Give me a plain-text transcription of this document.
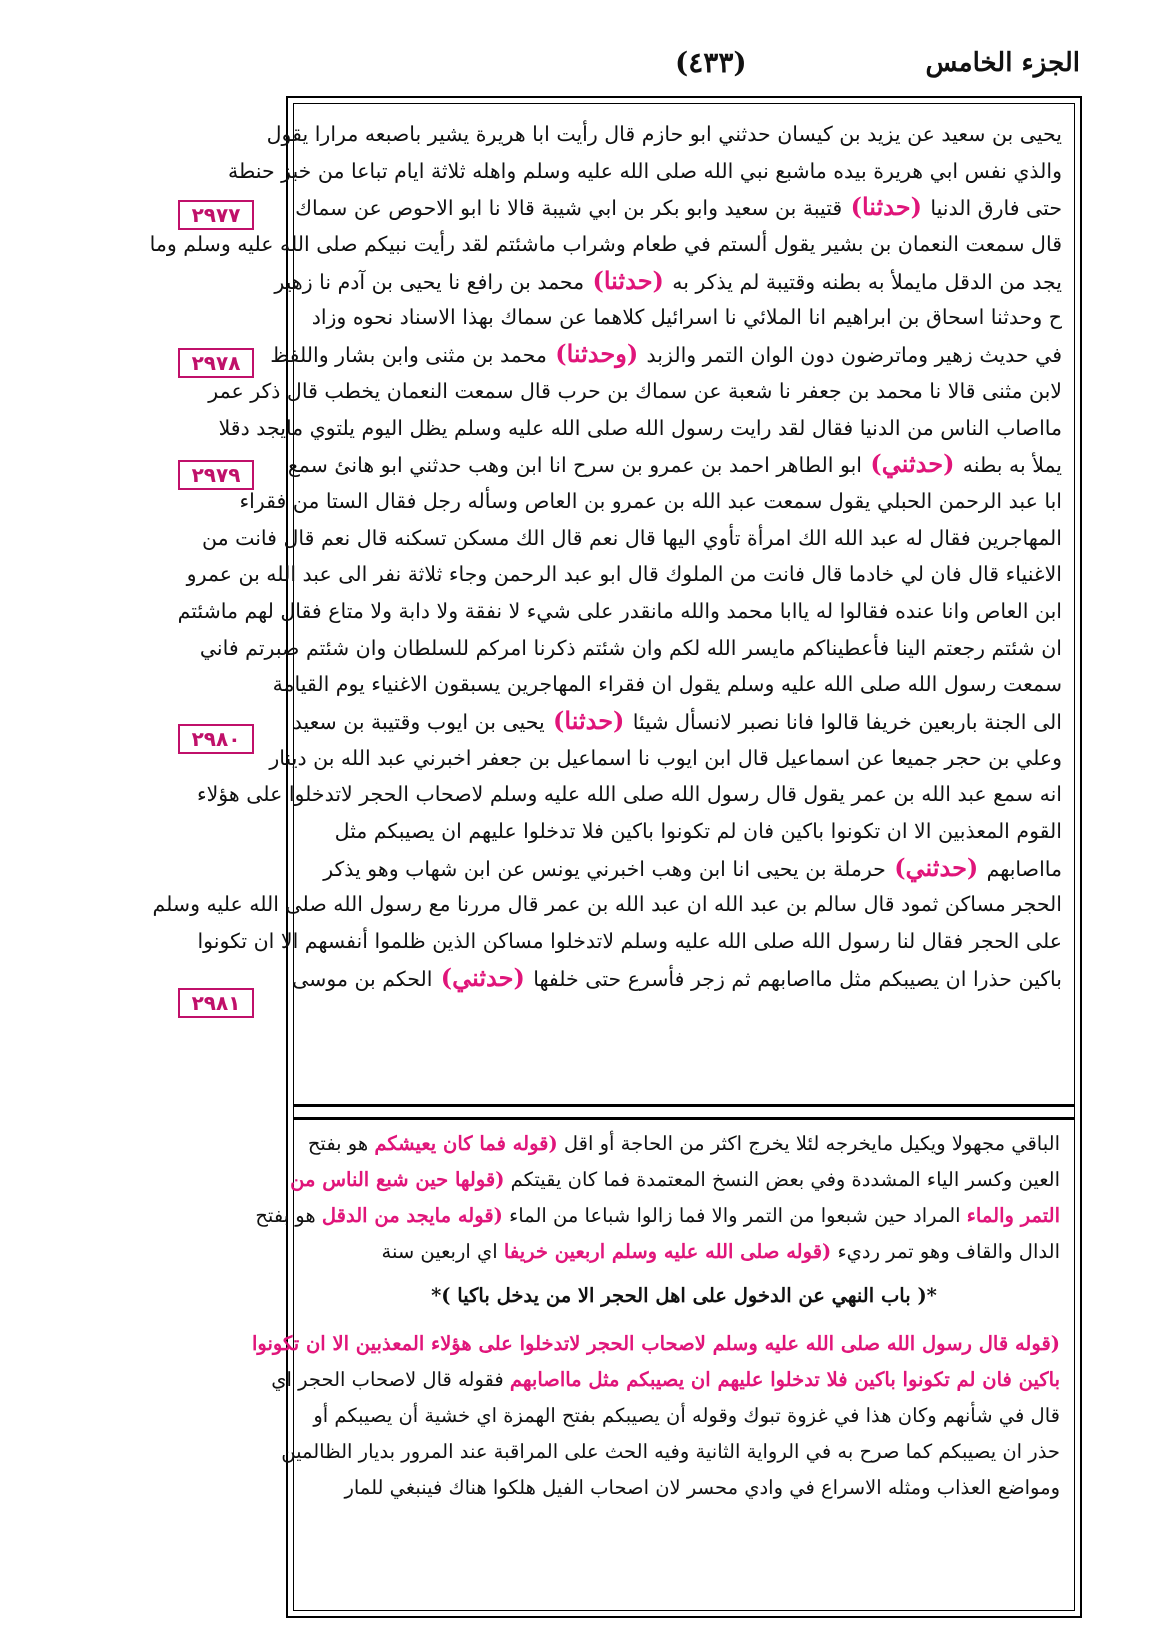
الجزء الخامس
(٤٣٣)
٢٩٧٧
٢٩٧٨
٢٩٧٩
٢٩٨٠
٢٩٨١
يحيى بن سعيد عن يزيد بن كيسان حدثني ابو حازم قال رأيت ابا هريرة يشير باصبعه مرارا يقول
والذي نفس ابي هريرة بيده ماشبع نبي الله صلى الله عليه وسلم واهله ثلاثة ايام تباعا من خبز حنطة
حتى فارق الدنيا (حدثنا) قتيبة بن سعيد وابو بكر بن ابي شيبة قالا نا ابو الاحوص عن سماك
قال سمعت النعمان بن بشير يقول ألستم في طعام وشراب ماشئتم لقد رأيت نبيكم صلى الله عليه وسلم وما
يجد من الدقل مايملأ به بطنه وقتيبة لم يذكر به (حدثنا) محمد بن رافع نا يحيى بن آدم نا زهير
ح وحدثنا اسحاق بن ابراهيم انا الملائي نا اسرائيل كلاهما عن سماك بهذا الاسناد نحوه وزاد
في حديث زهير وماترضون دون الوان التمر والزبد (وحدثنا) محمد بن مثنى وابن بشار واللفظ
لابن مثنى قالا نا محمد بن جعفر نا شعبة عن سماك بن حرب قال سمعت النعمان يخطب قال ذكر عمر
مااصاب الناس من الدنيا فقال لقد رايت رسول الله صلى الله عليه وسلم يظل اليوم يلتوي مايجد دقلا
يملأ به بطنه (حدثني) ابو الطاهر احمد بن عمرو بن سرح انا ابن وهب حدثني ابو هانئ سمع
ابا عبد الرحمن الحبلي يقول سمعت عبد الله بن عمرو بن العاص وسأله رجل فقال الستا من فقراء
المهاجرين فقال له عبد الله الك امرأة تأوي اليها قال نعم قال الك مسكن تسكنه قال نعم قال فانت من
الاغنياء قال فان لي خادما قال فانت من الملوك قال ابو عبد الرحمن وجاء ثلاثة نفر الى عبد الله بن عمرو
ابن العاص وانا عنده فقالوا له ياابا محمد والله مانقدر على شيء لا نفقة ولا دابة ولا متاع فقال لهم ماشئتم
ان شئتم رجعتم الينا فأعطيناكم مايسر الله لكم وان شئتم ذكرنا امركم للسلطان وان شئتم صبرتم فاني
سمعت رسول الله صلى الله عليه وسلم يقول ان فقراء المهاجرين يسبقون الاغنياء يوم القيامة
الى الجنة باربعين خريفا قالوا فانا نصبر لانسأل شيئا (حدثنا) يحيى بن ايوب وقتيبة بن سعيد
وعلي بن حجر جميعا عن اسماعيل قال ابن ايوب نا اسماعيل بن جعفر اخبرني عبد الله بن دينار
انه سمع عبد الله بن عمر يقول قال رسول الله صلى الله عليه وسلم لاصحاب الحجر لاتدخلوا على هؤلاء
القوم المعذبين الا ان تكونوا باكين فان لم تكونوا باكين فلا تدخلوا عليهم ان يصيبكم مثل
مااصابهم (حدثني) حرملة بن يحيى انا ابن وهب اخبرني يونس عن ابن شهاب وهو يذكر
الحجر مساكن ثمود قال سالم بن عبد الله ان عبد الله بن عمر قال مررنا مع رسول الله صلى الله عليه وسلم
على الحجر فقال لنا رسول الله صلى الله عليه وسلم لاتدخلوا مساكن الذين ظلموا أنفسهم الا ان تكونوا
باكين حذرا ان يصيبكم مثل مااصابهم ثم زجر فأسرع حتى خلفها (حدثني) الحكم بن موسى
الباقي مجهولا ويكيل مايخرجه لئلا يخرج اكثر من الحاجة أو اقل (قوله فما كان يعيشكم هو بفتح
العين وكسر الياء المشددة وفي بعض النسخ المعتمدة فما كان يقيتكم (قولها حين شبع الناس من
التمر والماء المراد حين شبعوا من التمر والا فما زالوا شباعا من الماء (قوله مايجد من الدقل هو بفتح
الدال والقاف وهو تمر رديء (قوله صلى الله عليه وسلم اربعين خريفا اي اربعين سنة
*( باب النهي عن الدخول على اهل الحجر الا من يدخل باكيا )*
(قوله قال رسول الله صلى الله عليه وسلم لاصحاب الحجر لاتدخلوا على هؤلاء المعذبين الا ان تكونوا
باكين فان لم تكونوا باكين فلا تدخلوا عليهم ان يصيبكم مثل مااصابهم فقوله قال لاصحاب الحجر اي
قال في شأنهم وكان هذا في غزوة تبوك وقوله أن يصيبكم بفتح الهمزة اي خشية أن يصيبكم أو
حذر ان يصيبكم كما صرح به في الرواية الثانية وفيه الحث على المراقبة عند المرور بديار الظالمين
ومواضع العذاب ومثله الاسراع في وادي محسر لان اصحاب الفيل هلكوا هناك فينبغي للمار
